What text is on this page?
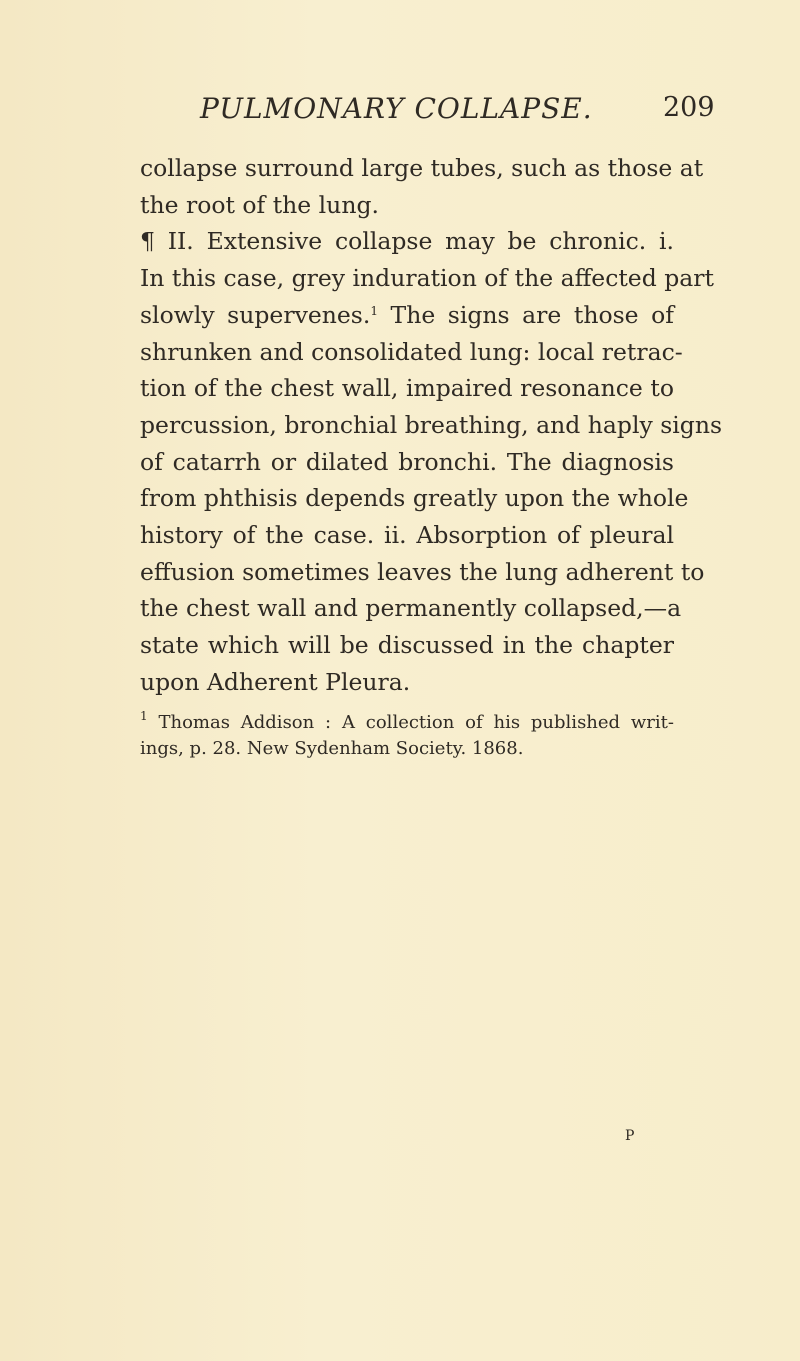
PULMONARY COLLAPSE.	209
collapse surround large tubes, such as those at
the root of the lung.
¶ II. Extensive collapse may be chronic. i.
In this case, grey induration of the affected part
slowly supervenes.$^1$ The signs are those of
shrunken and consolidated lung: local retrac-
tion of the chest wall, impaired resonance to
percussion, bronchial breathing, and haply signs
of catarrh or dilated bronchi. The diagnosis
from phthisis depends greatly upon the whole
history of the case. ii. Absorption of pleural
effusion sometimes leaves the lung adherent to
the chest wall and permanently collapsed,—a
state which will be discussed in the chapter
upon Adherent Pleura.
$^1$ Thomas Addison : A collection of his published writ-
ings, p. 28. New Sydenham Society. 1868.
P
